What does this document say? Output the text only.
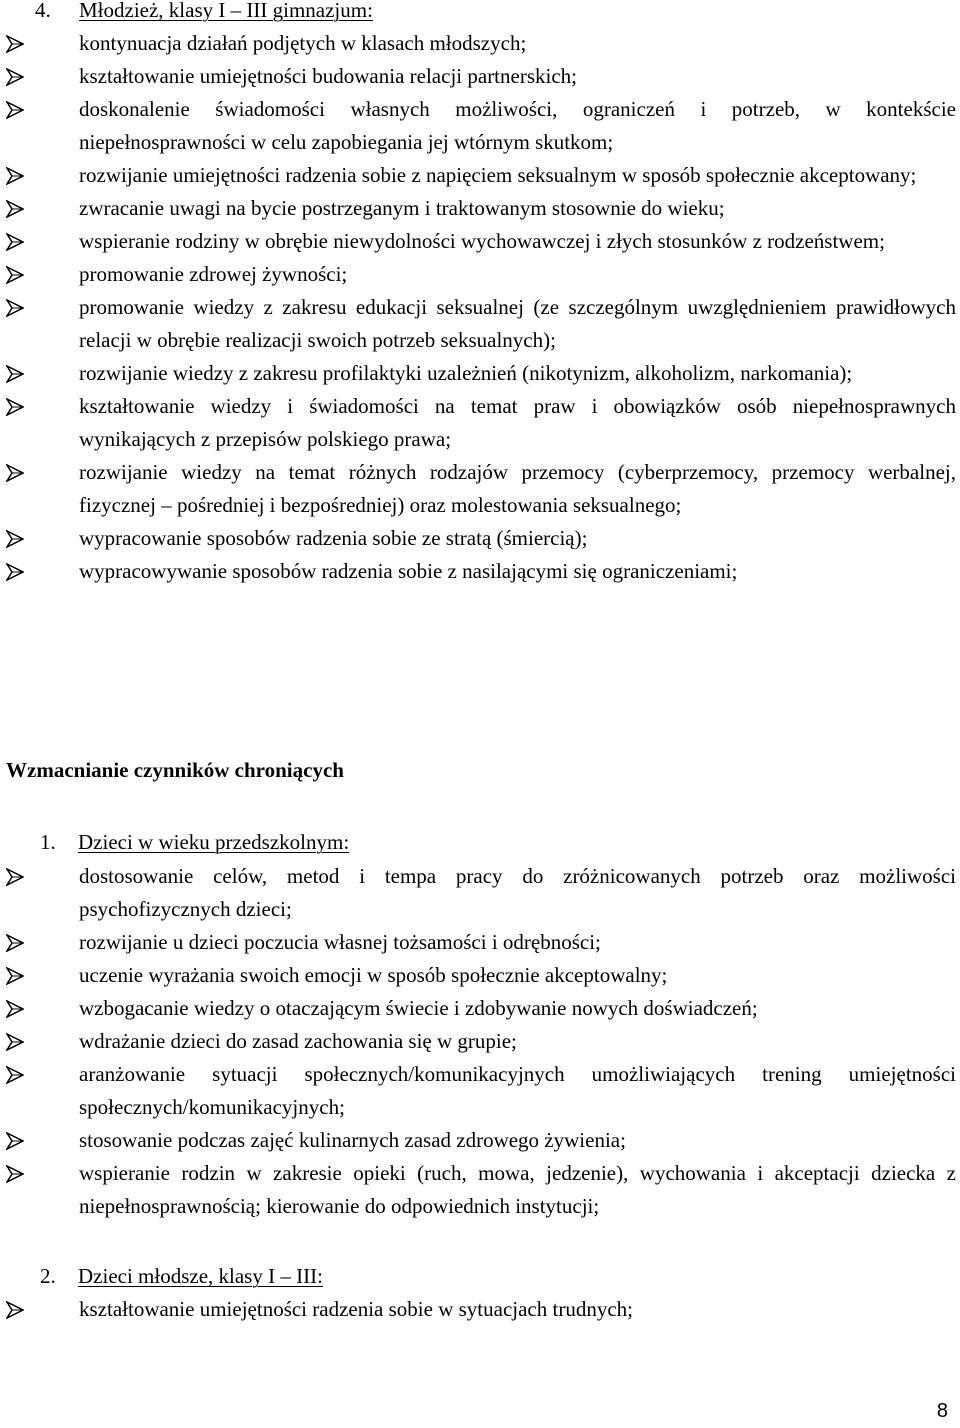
4. Młodzież, klasy I – III gimnazjum:
kontynuacja działań podjętych w klasach młodszych;
kształtowanie umiejętności budowania relacji partnerskich;
doskonalenie świadomości własnych możliwości, ograniczeń i potrzeb, w kontekście niepełnosprawności w celu zapobiegania jej wtórnym skutkom;
rozwijanie umiejętności radzenia sobie z napięciem seksualnym w sposób społecznie akceptowany;
zwracanie uwagi na bycie postrzeganym i traktowanym stosownie do wieku;
wspieranie rodziny w obrębie niewydolności wychowawczej i złych stosunków z rodzeństwem;
promowanie zdrowej żywności;
promowanie wiedzy z zakresu edukacji seksualnej (ze szczególnym uwzględnieniem prawidłowych relacji w obrębie realizacji swoich potrzeb seksualnych);
rozwijanie wiedzy z zakresu profilaktyki uzależnień (nikotynizm, alkoholizm, narkomania);
kształtowanie wiedzy i świadomości na temat praw i obowiązków osób niepełnosprawnych wynikających z przepisów polskiego prawa;
rozwijanie wiedzy na temat różnych rodzajów przemocy (cyberprzemocy, przemocy werbalnej, fizycznej – pośredniej i bezpośredniej) oraz molestowania seksualnego;
wypracowanie sposobów radzenia sobie ze stratą (śmiercią);
wypracowywanie sposobów radzenia sobie z nasilającymi się ograniczeniami;
Wzmacnianie czynników chroniących
1. Dzieci w wieku przedszkolnym:
dostosowanie celów, metod i tempa pracy do zróżnicowanych potrzeb oraz możliwości psychofizycznych dzieci;
rozwijanie u dzieci poczucia własnej tożsamości i odrębności;
uczenie wyrażania swoich emocji w sposób społecznie akceptowalny;
wzbogacanie wiedzy o otaczającym świecie i zdobywanie nowych doświadczeń;
wdrażanie dzieci do zasad zachowania się w grupie;
aranżowanie sytuacji społecznych/komunikacyjnych umożliwiających trening umiejętności społecznych/komunikacyjnych;
stosowanie podczas zajęć kulinarnych zasad zdrowego żywienia;
wspieranie rodzin w zakresie opieki (ruch, mowa, jedzenie), wychowania i akceptacji dziecka z niepełnosprawnością; kierowanie do odpowiednich instytucji;
2. Dzieci młodsze, klasy I – III:
kształtowanie umiejętności radzenia sobie w sytuacjach trudnych;
8
